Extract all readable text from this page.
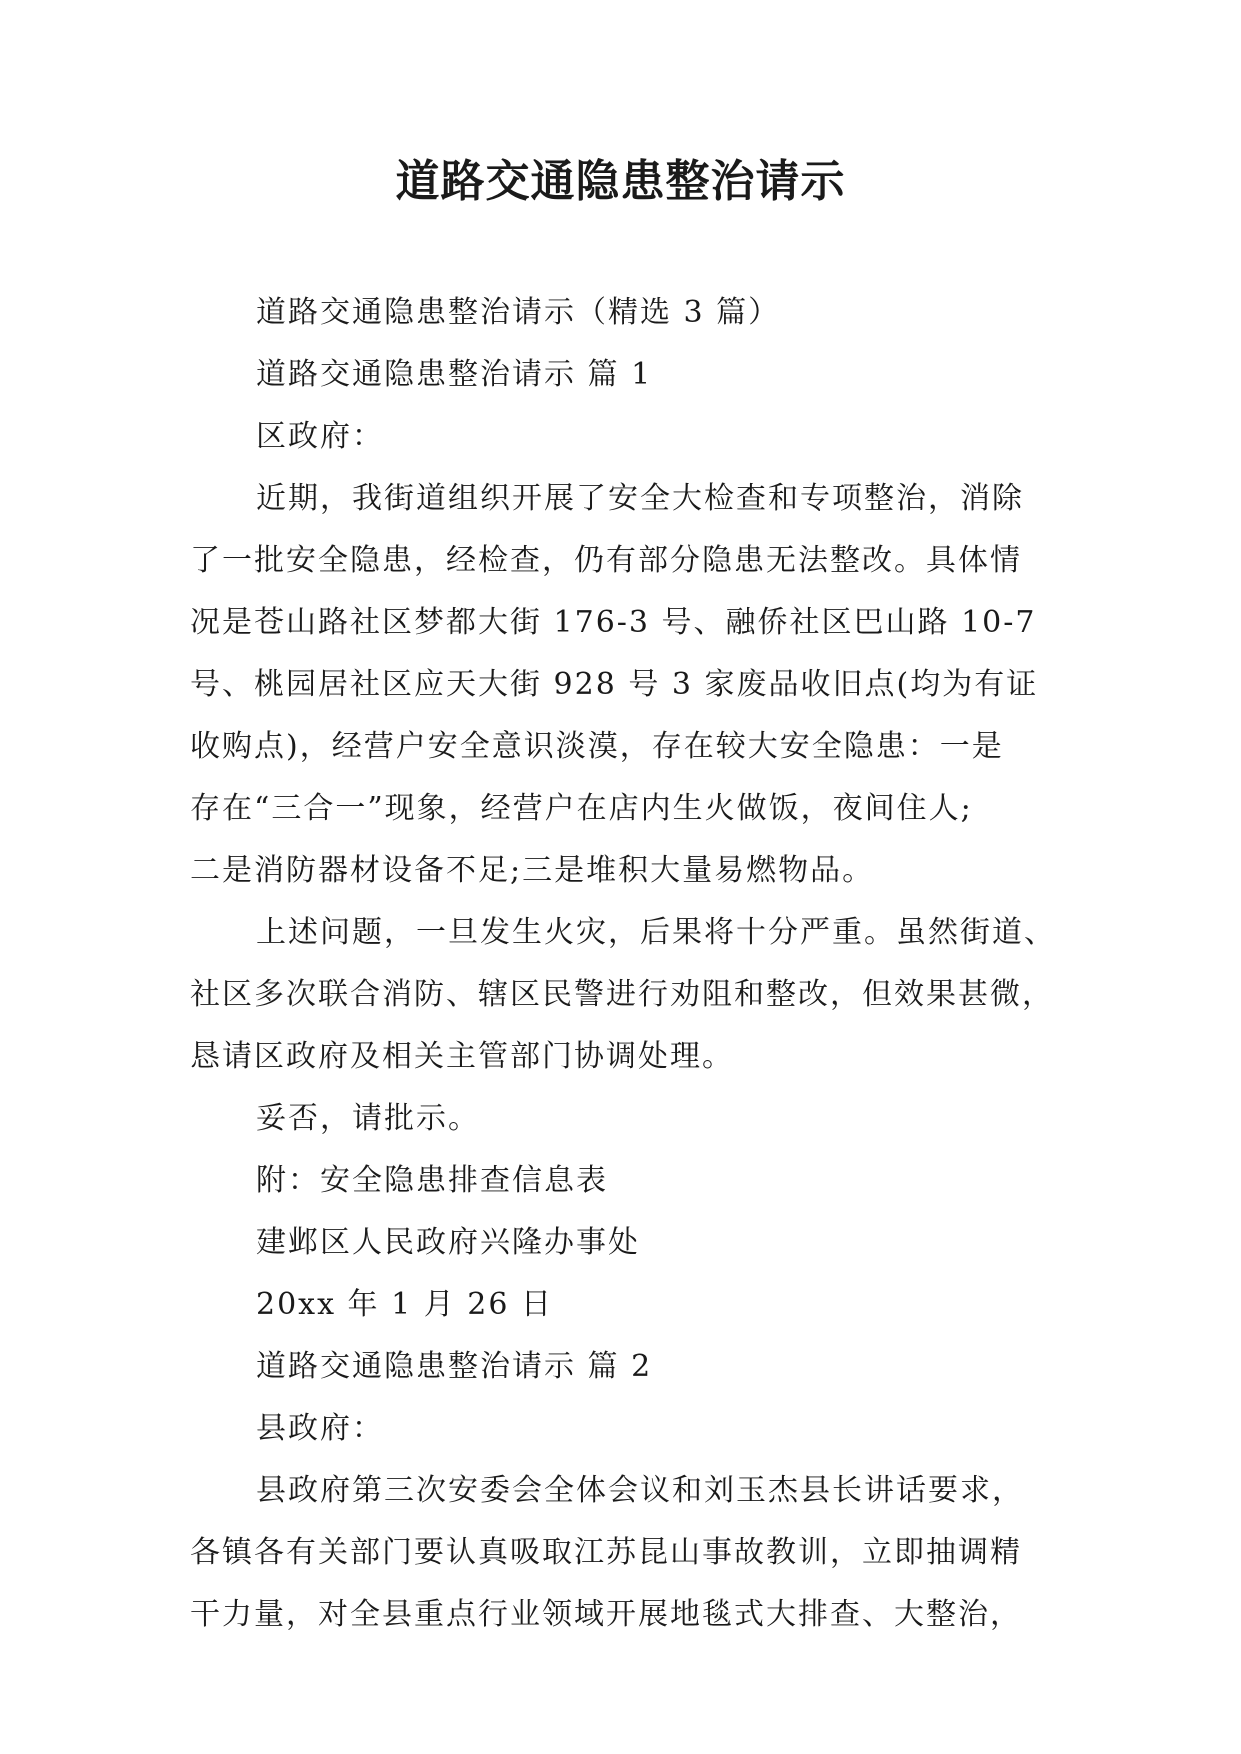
道路交通隐患整治请示

道路交通隐患整治请示（精选 3 篇）

道路交通隐患整治请示 篇 1

区政府：

近期，我街道组织开展了安全大检查和专项整治，消除

了一批安全隐患，经检查，仍有部分隐患无法整改。具体情

况是苍山路社区梦都大街 176-3 号、融侨社区巴山路 10-7

号、桃园居社区应天大街 928 号 3 家废品收旧点(均为有证

收购点)，经营户安全意识淡漠，存在较大安全隐患：一是

存在“三合一”现象，经营户在店内生火做饭，夜间住人;

二是消防器材设备不足;三是堆积大量易燃物品。

上述问题，一旦发生火灾，后果将十分严重。虽然街道、

社区多次联合消防、辖区民警进行劝阻和整改，但效果甚微，

恳请区政府及相关主管部门协调处理。

妥否，请批示。

附：安全隐患排查信息表

建邺区人民政府兴隆办事处

20xx 年 1 月 26 日

道路交通隐患整治请示 篇 2

县政府：

县政府第三次安委会全体会议和刘玉杰县长讲话要求，

各镇各有关部门要认真吸取江苏昆山事故教训，立即抽调精

干力量，对全县重点行业领域开展地毯式大排查、大整治，
